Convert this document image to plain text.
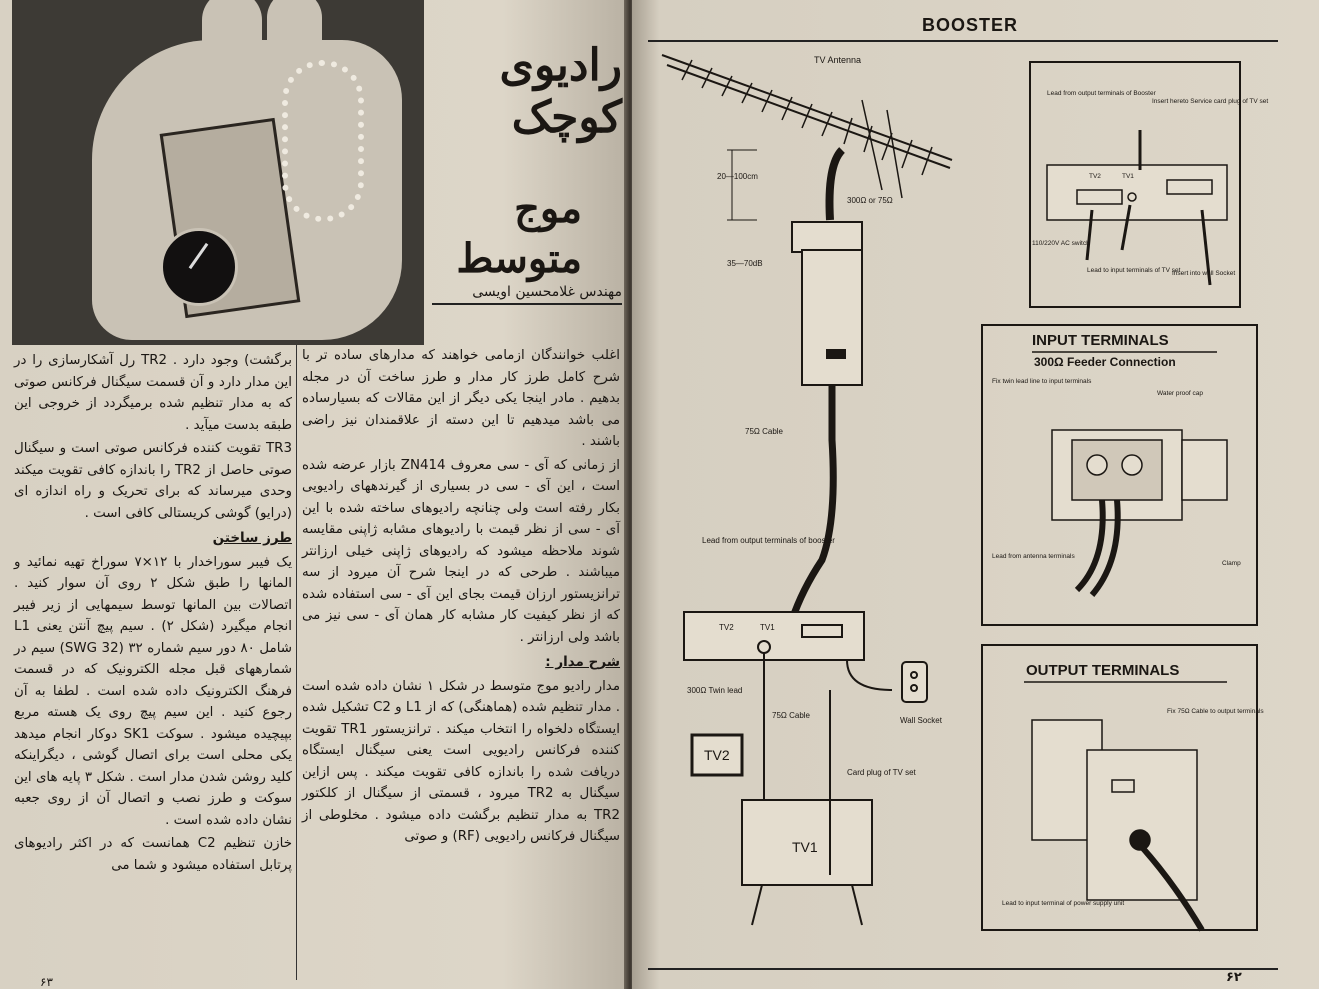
رادیوی کوچک
موج متوسط
مهندس غلامحسین اویسی

اغلب خوانندگان ازمامی خواهند که مدارهای ساده تر با شرح کامل طرز کار مدار و طرز ساخت آن در مجله بدهیم . مادر اینجا یکی دیگر از این مقالات که بسیارساده می باشد میدهیم تا این دسته از علاقمندان نیز راضی باشند .

از زمانی که آی - سی معروف ZN414 بازار عرضه شده است ، این آی - سی در بسیاری از گیرندههای رادیویی بکار رفته است ولی چنانچه رادیوهای ساخته شده با این آی - سی از نظر قیمت با رادیوهای مشابه ژاپنی مقایسه شوند ملاحظه میشود که رادیوهای ژاپنی خیلی ارزانتر میباشند . طرحی که در اینجا شرح آن میرود از سه ترانزیستور ارزان قیمت بجای این آی - سی استفاده شده که از نظر کیفیت کار مشابه کار همان آی - سی نیز می باشد ولی ارزانتر .

شرح مدار :

مدار رادیو موج متوسط در شکل ۱ نشان داده شده است . مدار تنظیم شده (هماهنگی) که از L1 و C2 تشکیل شده ایستگاه دلخواه را انتخاب میکند . ترانزیستور TR1 تقویت کننده فرکانس رادیویی است یعنی سیگنال ایستگاه دریافت شده را باندازه کافی تقویت میکند . پس ازاین سیگنال به TR2 میرود ، قسمتی از سیگنال از کلکتور TR2 به مدار تنظیم برگشت داده میشود . مخلوطی از سیگنال فرکانس رادیویی (RF) و صوتی

برگشت) وجود دارد . TR2 رل آشکارسازی را در این مدار دارد و آن قسمت سیگنال فرکانس صوتی که به مدار تنظیم شده برمیگردد از خروجی این طبقه بدست میآید .

TR3 تقویت کننده فرکانس صوتی است و سیگنال صوتی حاصل از TR2 را باندازه کافی تقویت میکند وحدی میرساند که برای تحریک و راه اندازه ای (درایو) گوشی کریستالی کافی است .

طرز ساختن

یک فیبر سوراخدار با ۱۲×۷ سوراخ تهیه نمائید و المانها را طبق شکل ۲ روی آن سوار کنید . اتصالات بین المانها توسط سیمهایی از زیر فیبر انجام میگیرد (شکل ۲) . سیم پیچ آنتن یعنی L1 شامل ۸۰ دور سیم شماره ۳۲ (32 SWG) سیم در شمارههای قبل مجله الکترونیک که در قسمت فرهنگ الکترونیک داده شده است . لطفا به آن رجوع کنید . این سیم پیچ روی یک هسته مربع بپیچیده میشود . سوکت SK1 دوکار انجام میدهد یکی محلی است برای اتصال گوشی ، دیگراینکه کلید روشن شدن مدار است . شکل ۳ پایه های این سوکت و طرز نصب و اتصال آن از روی جعبه نشان داده شده است .

خازن تنظیم C2 همانست که در اکثر رادیوهای پرتابل استفاده میشود و شما می

۶۳
BOOSTER
۶۲
TV Antenna
20—100cm
300Ω or 75Ω
35—70dB
75Ω Cable
Lead from output terminals of booster
TV2	TV1
300Ω Twin lead
75Ω Cable
Wall Socket
Card plug of TV set
TV2
TV1
Lead from output terminals of Booster
Insert hereto Service card plug of TV set
TV2	TV1
110/220V AC switch
Lead to input terminals of TV set
Insert into wall Socket
INPUT TERMINALS
300Ω Feeder Connection
Fix twin lead line to input terminals
Water proof cap
Lead from antenna terminals
Clamp
OUTPUT TERMINALS
Fix 75Ω Cable to output terminals
Lead to input terminal of power supply unit
